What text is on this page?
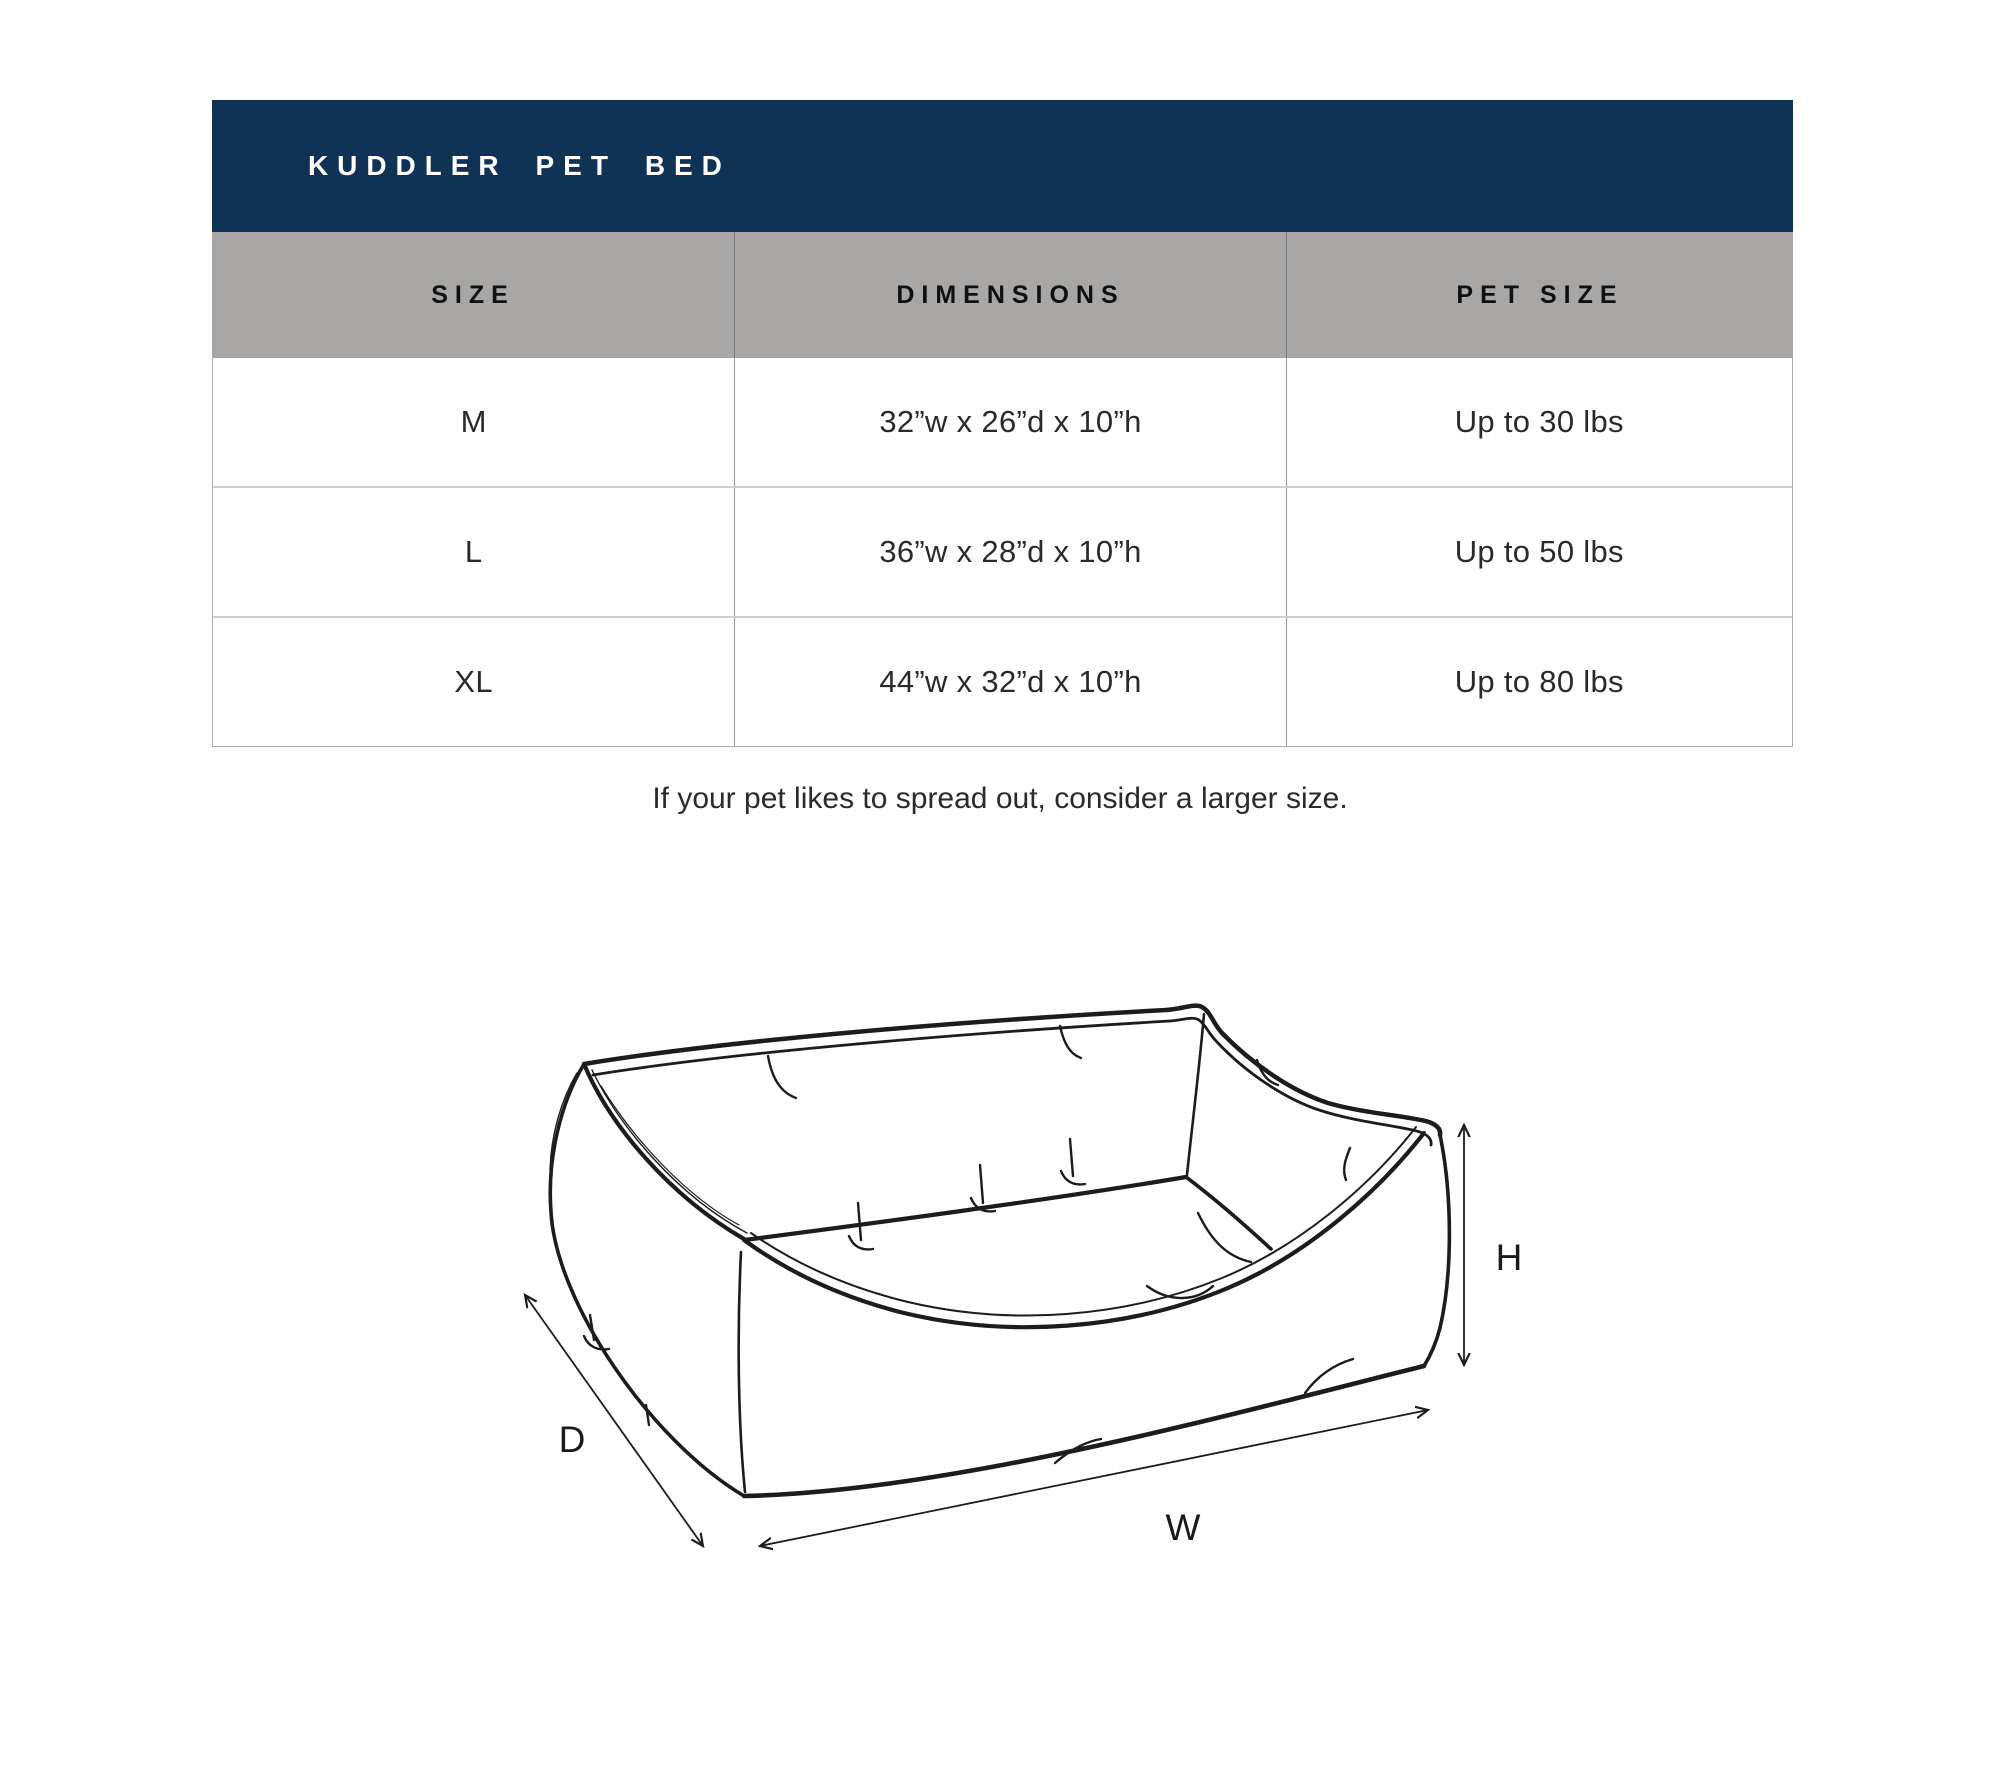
KUDDLER PET BED
SIZE	DIMENSIONS	PET SIZE
M	32”w x 26”d x 10”h	Up to 30 lbs
L	36”w x 28”d x 10”h	Up to 50 lbs
XL	44”w x 32”d x 10”h	Up to 80 lbs

If your pet likes to spread out, consider a larger size.

D
W
H
